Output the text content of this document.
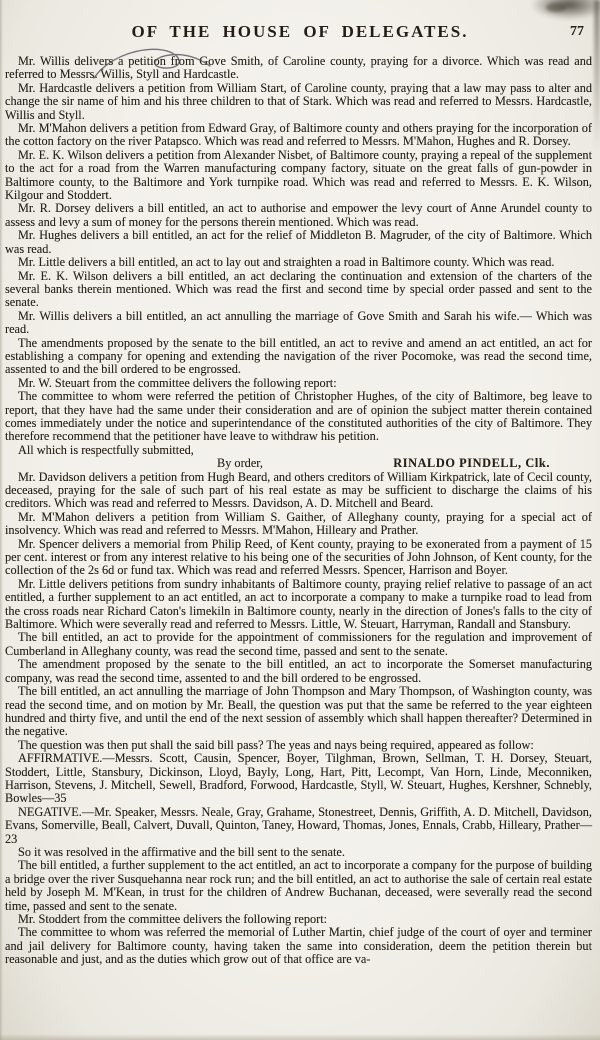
OF THE HOUSE OF DELEGATES.	77

Mr. Willis delivers a petition from Gove Smith, of Caroline county, praying for a divorce. Which was read and referred to Messrs. Willis, Styll and Hardcastle.

Mr. Hardcastle delivers a petition from William Start, of Caroline county, praying that a law may pass to alter and change the sir name of him and his three children to that of Stark. Which was read and referred to Messrs. Hardcastle, Willis and Styll.

Mr. M'Mahon delivers a petition from Edward Gray, of Baltimore county and others praying for the incorporation of the cotton factory on the river Patapsco. Which was read and referred to Messrs. M'Mahon, Hughes and R. Dorsey.

Mr. E. K. Wilson delivers a petition from Alexander Nisbet, of Baltimore county, praying a repeal of the supplement to the act for a road from the Warren manufacturing company factory, situate on the great falls of gun-powder in Baltimore county, to the Baltimore and York turnpike road. Which was read and referred to Messrs. E. K. Wilson, Kilgour and Stoddert.

Mr. R. Dorsey delivers a bill entitled, an act to authorise and empower the levy court of Anne Arundel county to assess and levy a sum of money for the persons therein mentioned. Which was read.

Mr. Hughes delivers a bill entitled, an act for the relief of Middleton B. Magruder, of the city of Baltimore. Which was read.

Mr. Little delivers a bill entitled, an act to lay out and straighten a road in Baltimore county. Which was read.

Mr. E. K. Wilson delivers a bill entitled, an act declaring the continuation and extension of the charters of the several banks therein mentioned. Which was read the first and second time by special order passed and sent to the senate.

Mr. Willis delivers a bill entitled, an act annulling the marriage of Gove Smith and Sarah his wife.— Which was read.

The amendments proposed by the senate to the bill entitled, an act to revive and amend an act entitled, an act for establishing a company for opening and extending the navigation of the river Pocomoke, was read the second time, assented to and the bill ordered to be engrossed.

Mr. W. Steuart from the committee delivers the following report:

The committee to whom were referred the petition of Christopher Hughes, of the city of Baltimore, beg leave to report, that they have had the same under their consideration and are of opinion the subject matter therein contained comes immediately under the notice and superintendance of the constituted authorities of the city of Baltimore. They therefore recommend that the petitioner have leave to withdraw his petition.

All which is respectfully submitted,

By order,	RINALDO PINDELL, Clk.

Mr. Davidson delivers a petition from Hugh Beard, and others creditors of William Kirkpatrick, late of Cecil county, deceased, praying for the sale of such part of his real estate as may be sufficient to discharge the claims of his creditors. Which was read and referred to Messrs. Davidson, A. D. Mitchell and Beard.

Mr. M'Mahon delivers a petition from William S. Gaither, of Alleghany county, praying for a special act of insolvency. Which was read and referred to Messrs. M'Mahon, Hilleary and Prather.

Mr. Spencer delivers a memorial from Philip Reed, of Kent county, praying to be exonerated from a payment of 15 per cent. interest or from any interest relative to his being one of the securities of John Johnson, of Kent county, for the collection of the 2s 6d or fund tax. Which was read and referred Messrs. Spencer, Harrison and Boyer.

Mr. Little delivers petitions from sundry inhabitants of Baltimore county, praying relief relative to passage of an act entitled, a further supplement to an act entitled, an act to incorporate a company to make a turnpike road to lead from the cross roads near Richard Caton's limekiln in Baltimore county, nearly in the direction of Jones's falls to the city of Baltimore. Which were severally read and referred to Messrs. Little, W. Steuart, Harryman, Randall and Stansbury.

The bill entitled, an act to provide for the appointment of commissioners for the regulation and improvement of Cumberland in Alleghany county, was read the second time, passed and sent to the senate.

The amendment proposed by the senate to the bill entitled, an act to incorporate the Somerset manufacturing company, was read the second time, assented to and the bill ordered to be engrossed.

The bill entitled, an act annulling the marriage of John Thompson and Mary Thompson, of Washington county, was read the second time, and on motion by Mr. Beall, the question was put that the same be referred to the year eighteen hundred and thirty five, and until the end of the next session of assembly which shall happen thereafter? Determined in the negative.

The question was then put shall the said bill pass? The yeas and nays being required, appeared as follow:

AFFIRMATIVE.—Messrs. Scott, Causin, Spencer, Boyer, Tilghman, Brown, Sellman, T. H. Dorsey, Steuart, Stoddert, Little, Stansbury, Dickinson, Lloyd, Bayly, Long, Hart, Pitt, Lecompt, Van Horn, Linde, Meconniken, Harrison, Stevens, J. Mitchell, Sewell, Bradford, Forwood, Hardcastle, Styll, W. Steuart, Hughes, Kershner, Schnebly, Bowles—35

NEGATIVE.—Mr. Speaker, Messrs. Neale, Gray, Grahame, Stonestreet, Dennis, Griffith, A. D. Mitchell, Davidson, Evans, Somerville, Beall, Calvert, Duvall, Quinton, Taney, Howard, Thomas, Jones, Ennals, Crabb, Hilleary, Prather—23

So it was resolved in the affirmative and the bill sent to the senate.

The bill entitled, a further supplement to the act entitled, an act to incorporate a company for the purpose of building a bridge over the river Susquehanna near rock run; and the bill entitled, an act to authorise the sale of certain real estate held by Joseph M. M'Kean, in trust for the children of Andrew Buchanan, deceased, were severally read the second time, passed and sent to the senate.

Mr. Stoddert from the committee delivers the following report:

The committee to whom was referred the memorial of Luther Martin, chief judge of the court of oyer and terminer and jail delivery for Baltimore county, having taken the same into consideration, deem the petition therein but reasonable and just, and as the duties which grow out of that office are va-
